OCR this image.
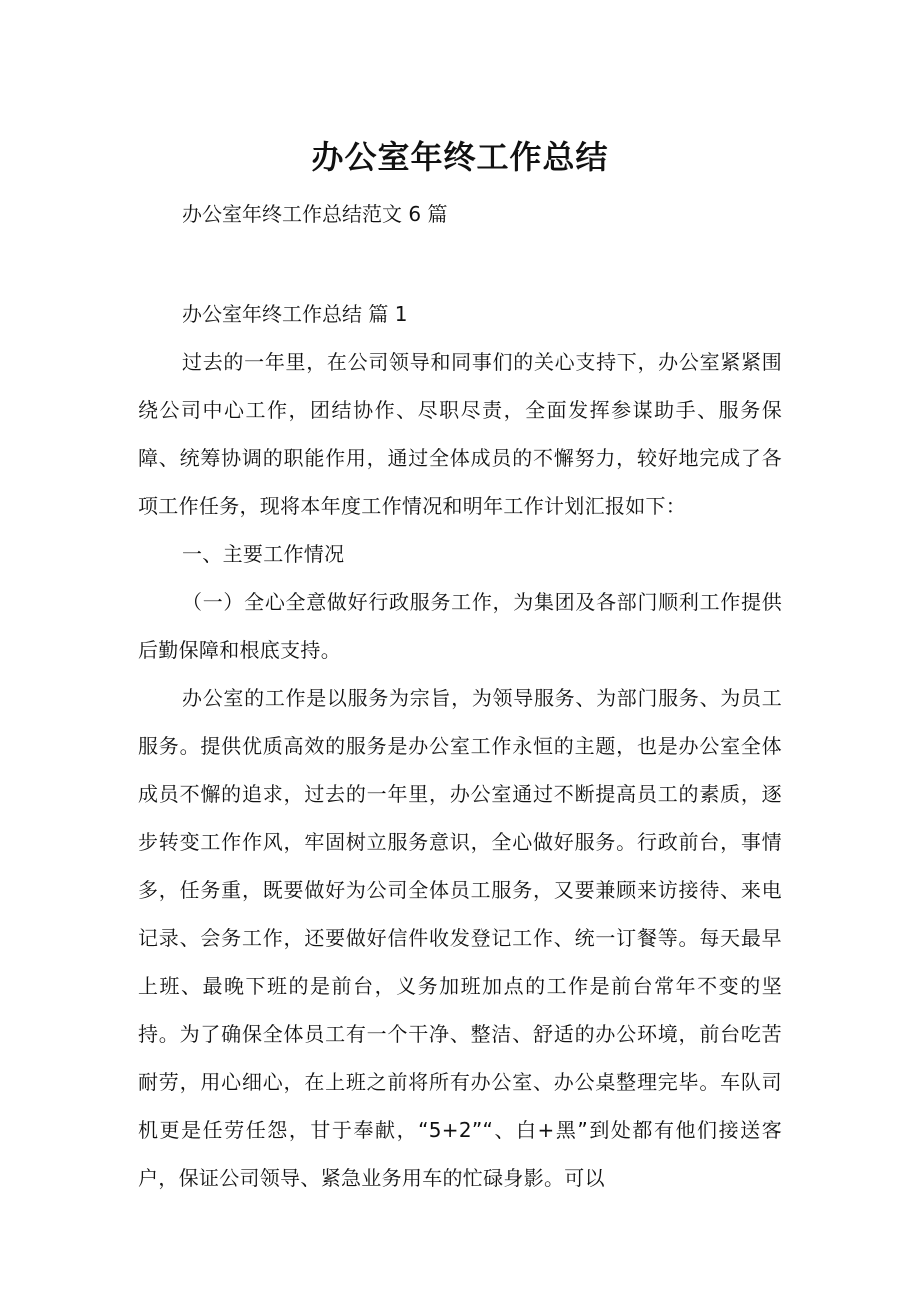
办公室年终工作总结

办公室年终工作总结范文 6 篇

办公室年终工作总结 篇 1

过去的一年里，在公司领导和同事们的关心支持下，办公室紧紧围绕公司中心工作，团结协作、尽职尽责，全面发挥参谋助手、服务保障、统筹协调的职能作用，通过全体成员的不懈努力，较好地完成了各项工作任务，现将本年度工作情况和明年工作计划汇报如下：

一、主要工作情况

（一）全心全意做好行政服务工作，为集团及各部门顺利工作提供后勤保障和根底支持。

办公室的工作是以服务为宗旨，为领导服务、为部门服务、为员工服务。提供优质高效的服务是办公室工作永恒的主题，也是办公室全体成员不懈的追求，过去的一年里，办公室通过不断提高员工的素质，逐步转变工作作风，牢固树立服务意识，全心做好服务。行政前台，事情多，任务重，既要做好为公司全体员工服务，又要兼顾来访接待、来电记录、会务工作，还要做好信件收发登记工作、统一订餐等。每天最早上班、最晚下班的是前台，义务加班加点的工作是前台常年不变的坚持。为了确保全体员工有一个干净、整洁、舒适的办公环境，前台吃苦耐劳，用心细心，在上班之前将所有办公室、办公桌整理完毕。车队司机更是任劳任怨，甘于奉献，“5+2”“、白+黑”到处都有他们接送客户，保证公司领导、紧急业务用车的忙碌身影。可以
